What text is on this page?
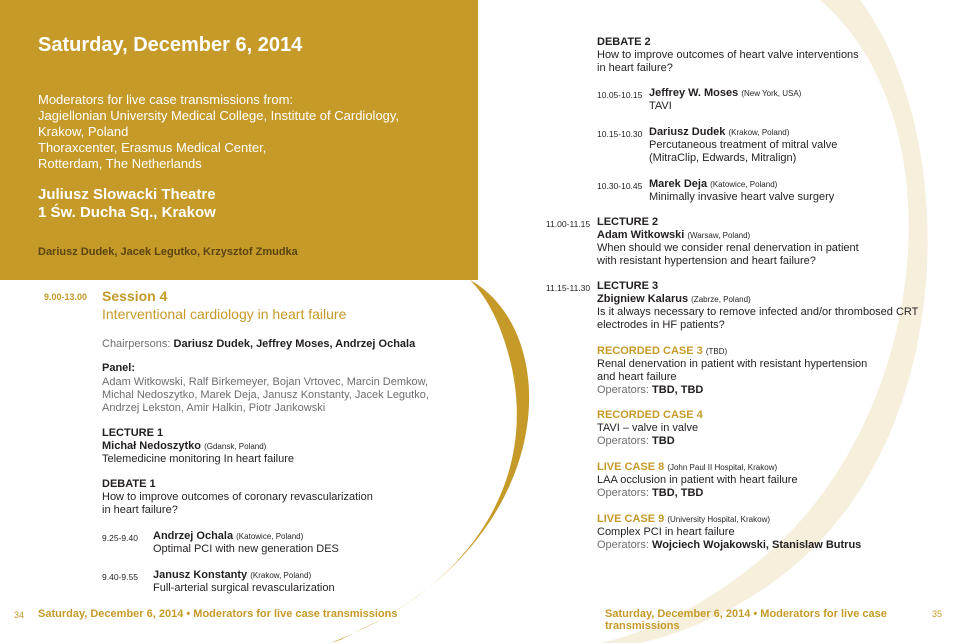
Saturday, December 6, 2014
Moderators for live case transmissions from:
Jagiellonian University Medical College, Institute of Cardiology,
Krakow, Poland
Thoraxcenter, Erasmus Medical Center,
Rotterdam, The Netherlands
Juliusz Slowacki Theatre
1 Św. Ducha Sq., Krakow
Dariusz Dudek, Jacek Legutko, Krzysztof Zmudka
9.00-13.00 Session 4
Interventional cardiology in heart failure
Chairpersons: Dariusz Dudek, Jeffrey Moses, Andrzej Ochala
Panel:
Adam Witkowski, Ralf Birkemeyer, Bojan Vrtovec, Marcin Demkow,
Michal Nedoszytko, Marek Deja, Janusz Konstanty, Jacek Legutko,
Andrzej Lekston, Amir Halkin, Piotr Jankowski
LECTURE 1
Michał Nedoszytko (Gdansk, Poland)
Telemedicine monitoring In heart failure
DEBATE 1
How to improve outcomes of coronary revascularization
in heart failure?
9.25-9.40 Andrzej Ochala (Katowice, Poland)
Optimal PCI with new generation DES
9.40-9.55 Janusz Konstanty (Krakow, Poland)
Full-arterial surgical revascularization
34 Saturday, December 6, 2014 • Moderators for live case transmissions
DEBATE 2
How to improve outcomes of heart valve interventions
in heart failure?
10.05-10.15 Jeffrey W. Moses (New York, USA)
TAVI
10.15-10.30 Dariusz Dudek (Krakow, Poland)
Percutaneous treatment of mitral valve
(MitraClip, Edwards, Mitralign)
10.30-10.45 Marek Deja (Katowice, Poland)
Minimally invasive heart valve surgery
11.00-11.15 LECTURE 2
Adam Witkowski (Warsaw, Poland)
When should we consider renal denervation in patient
with resistant hypertension and heart failure?
11.15-11.30 LECTURE 3
Zbigniew Kalarus (Zabrze, Poland)
Is it always necessary to remove infected and/or thrombosed CRT
electrodes in HF patients?
RECORDED CASE 3 (TBD)
Renal denervation in patient with resistant hypertension
and heart failure
Operators: TBD, TBD
RECORDED CASE 4
TAVI – valve in valve
Operators: TBD
LIVE CASE 8 (John Paul II Hospital, Krakow)
LAA occlusion in patient with heart failure
Operators: TBD, TBD
LIVE CASE 9 (University Hospital, Krakow)
Complex PCI in heart failure
Operators: Wojciech Wojakowski, Stanislaw Butrus
Saturday, December 6, 2014 • Moderators for live case transmissions
35
